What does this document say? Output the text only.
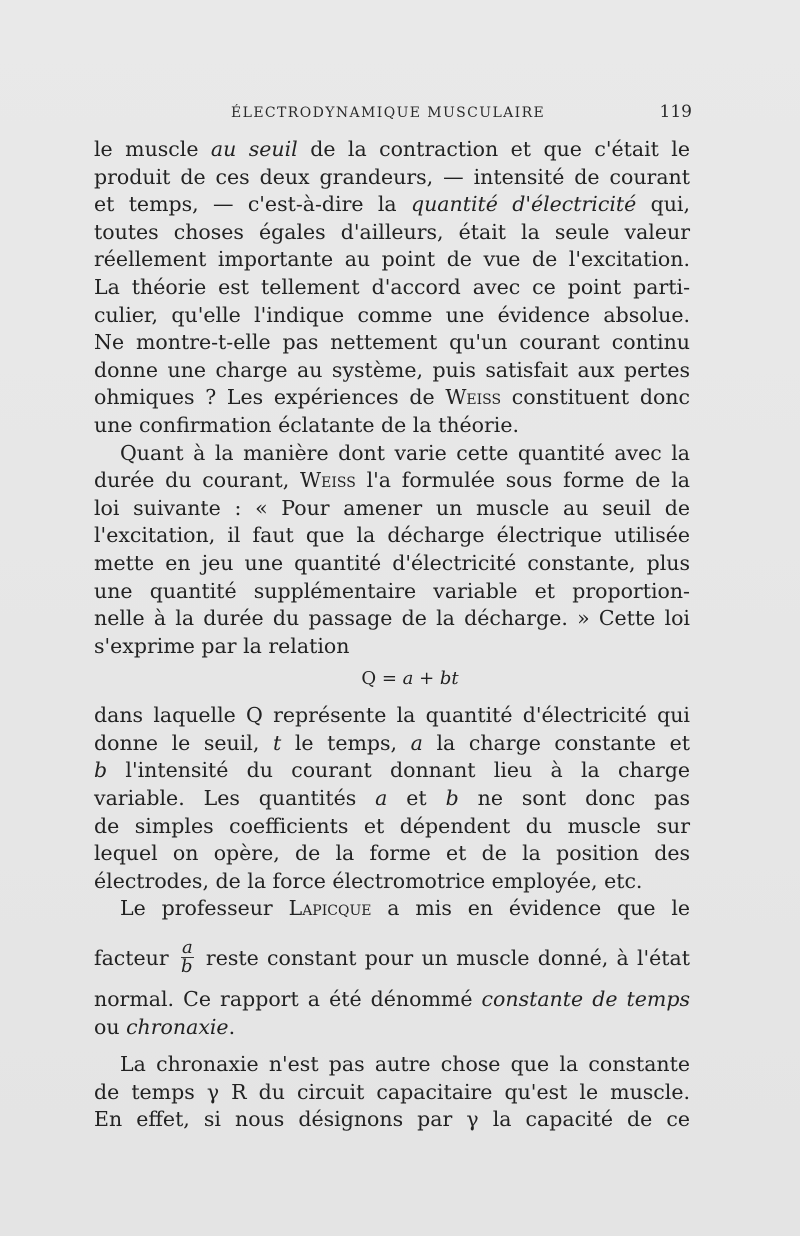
ÉLECTRODYNAMIQUE MUSCULAIRE	119
le muscle au seuil de la contraction et que c'était le
produit de ces deux grandeurs, — intensité de courant
et temps, — c'est-à-dire la quantité d'électricité qui,
toutes choses égales d'ailleurs, était la seule valeur
réellement importante au point de vue de l'excitation.
La théorie est tellement d'accord avec ce point parti-
culier, qu'elle l'indique comme une évidence absolue.
Ne montre-t-elle pas nettement qu'un courant continu
donne une charge au système, puis satisfait aux pertes
ohmiques ? Les expériences de Weiss constituent donc
une confirmation éclatante de la théorie.
Quant à la manière dont varie cette quantité avec la
durée du courant, Weiss l'a formulée sous forme de la
loi suivante : « Pour amener un muscle au seuil de
l'excitation, il faut que la décharge électrique utilisée
mette en jeu une quantité d'électricité constante, plus
une quantité supplémentaire variable et proportion-
nelle à la durée du passage de la décharge. » Cette loi
s'exprime par la relation
Q = a + bt
dans laquelle Q représente la quantité d'électricité qui
donne le seuil, t le temps, a la charge constante et
b l'intensité du courant donnant lieu à la charge
variable. Les quantités a et b ne sont donc pas
de simples coefficients et dépendent du muscle sur
lequel on opère, de la forme et de la position des
électrodes, de la force électromotrice employée, etc.
Le professeur Lapicque a mis en évidence que le
facteur $\frac{a}{b}$ reste constant pour un muscle donné, à l'état
normal. Ce rapport a été dénommé constante de temps
ou chronaxie.
La chronaxie n'est pas autre chose que la constante
de temps γ R du circuit capacitaire qu'est le muscle.
En effet, si nous désignons par γ la capacité de ce
